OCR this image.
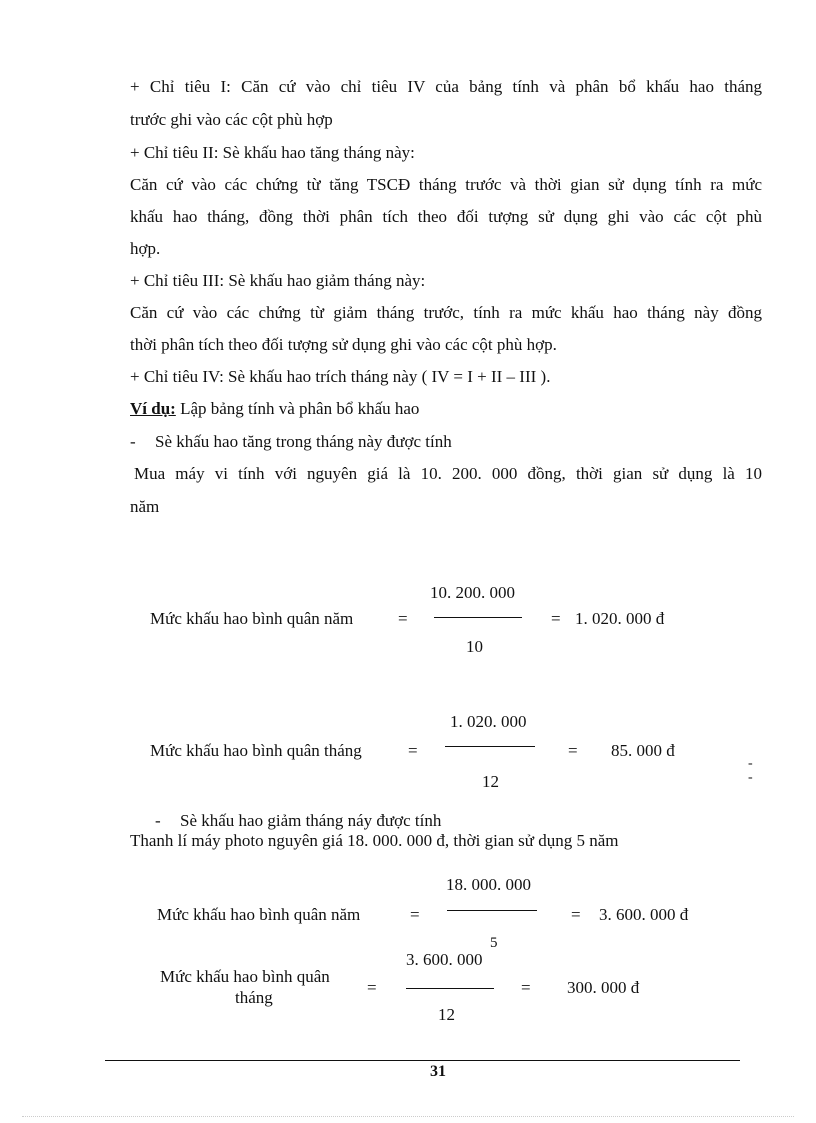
+ Chỉ tiêu I: Căn cứ vào chỉ tiêu IV của bảng tính và phân bổ khấu hao tháng
trước ghi vào các cột phù hợp
+ Chỉ tiêu II: Sè khấu hao tăng tháng này:
Căn cứ vào các chứng từ tăng TSCĐ tháng trước và thời gian sử dụng tính ra mức
khấu hao tháng, đồng thời phân tích theo đối tượng sử dụng ghi vào các cột phù
hợp.
+ Chỉ tiêu III: Sè khấu hao giảm tháng này:
Căn cứ vào các chứng từ giảm tháng trước, tính ra mức khấu hao tháng này đồng
thời phân tích theo đối tượng sử dụng ghi vào các cột phù hợp.
+ Chỉ tiêu IV: Sè khấu hao trích tháng này ( IV = I + II – III ).
Ví dụ: Lập bảng tính và phân bổ khấu hao
- Sè khấu hao tăng trong tháng này được tính
Mua máy vi tính với nguyên giá là 10. 200. 000 đồng, thời gian sử dụng là 10
năm
Mức khấu hao bình quân năm	=
10. 200. 000
10
= 1. 020. 000 đ
Mức khấu hao bình quân tháng	=
1. 020. 000
12
= 85. 000 đ
-
-
- Sè khấu hao giảm tháng náy được tính
Thanh lí máy photo nguyên giá 18. 000. 000 đ, thời gian sử dụng 5 năm
Mức khấu hao bình quân năm	=
18. 000. 000
5
= 3. 600. 000 đ
Mức khấu hao bình quân
tháng
=
3. 600. 000
12
= 300. 000 đ
31
